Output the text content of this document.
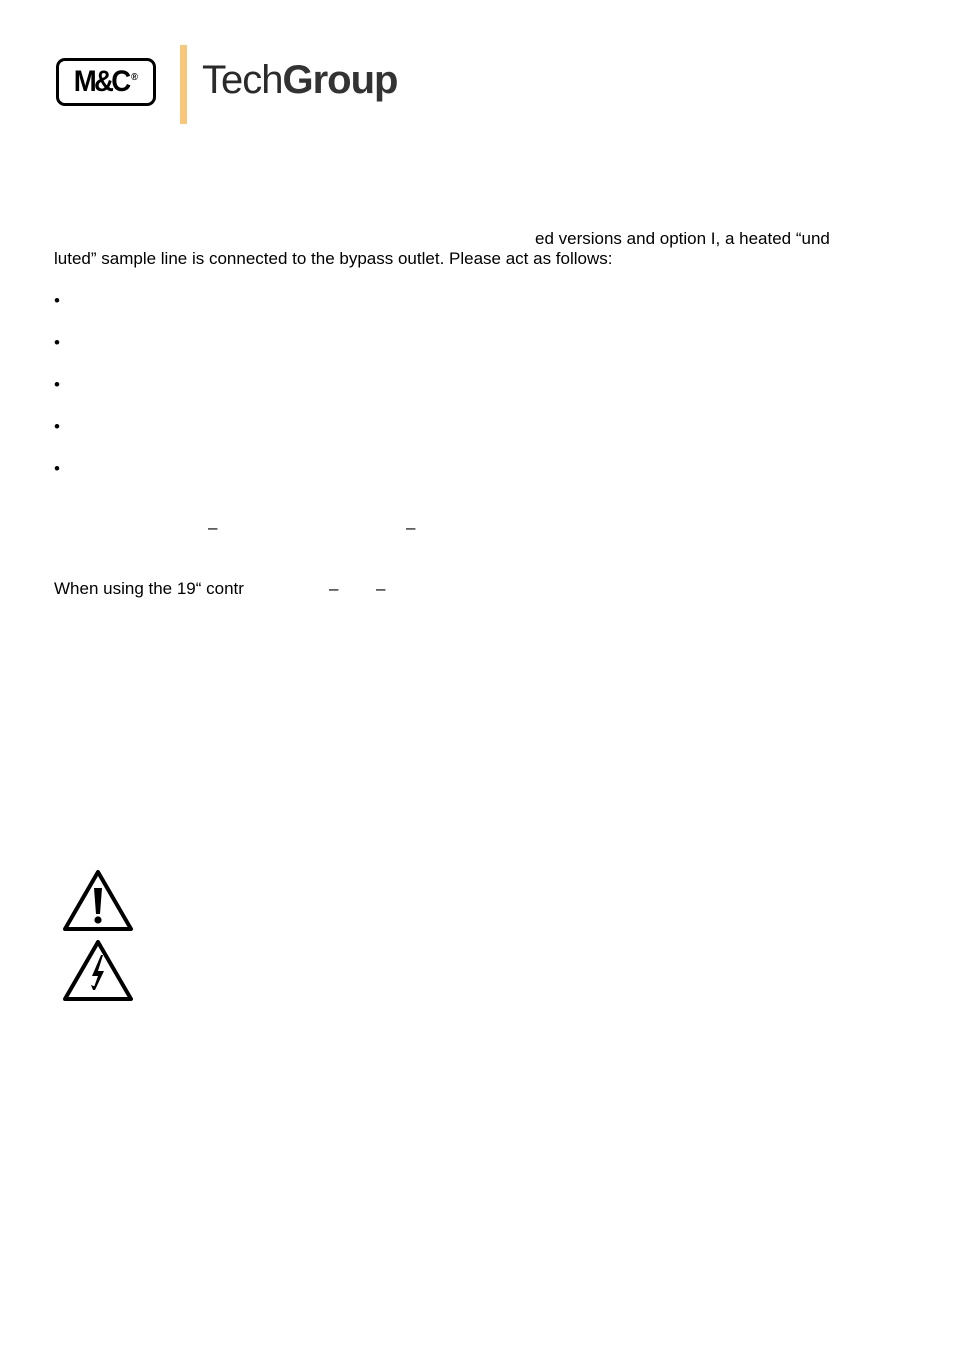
M&C ® TechGroup
ed versions and option I, a heated “und
luted” sample line is connected to the bypass outlet. Please act as follows:
•
•
•
•
•
–	–
When using the 19“ contr	– –
